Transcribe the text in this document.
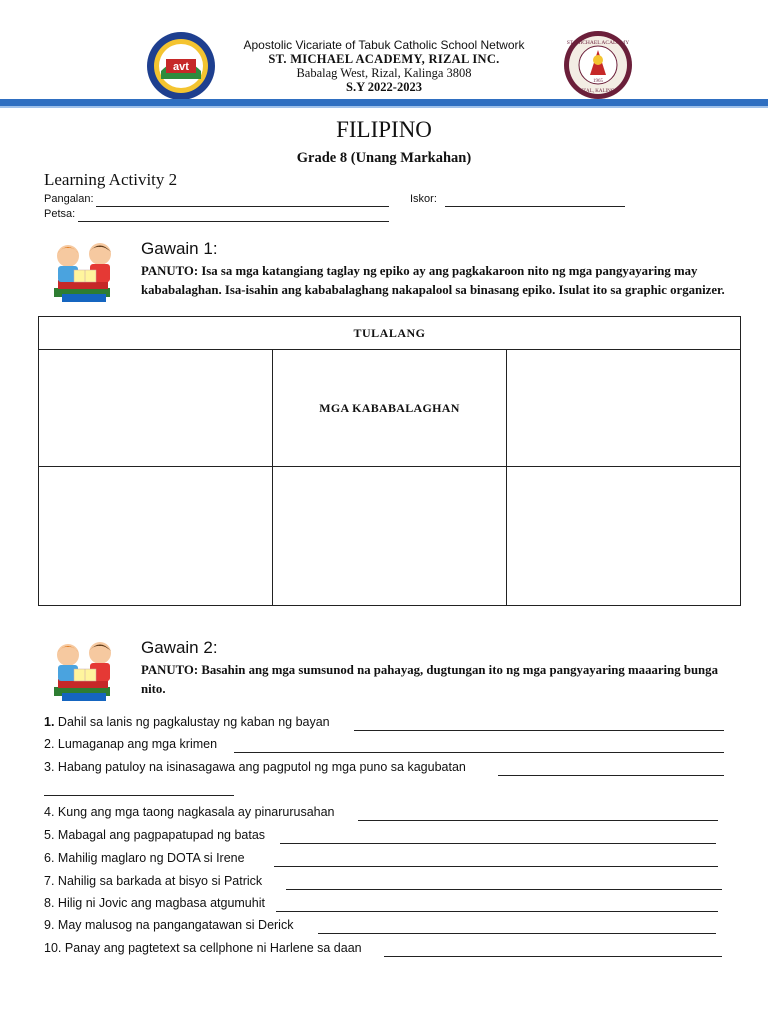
avt
ST. MICHAEL ACADEMY
1965
RIZAL, KALINGA
Apostolic Vicariate of Tabuk Catholic School Network
ST. MICHAEL ACADEMY, RIZAL INC.
Babalag West, Rizal, Kalinga 3808
S.Y 2022-2023
FILIPINO
Grade 8 (Unang Markahan)
Learning Activity 2
Pangalan:	Iskor:
Petsa:
Gawain 1:
PANUTO: Isa sa mga katangiang taglay ng epiko ay ang pagkakaroon nito ng mga pangyayaring may kababalaghan. Isa-isahin ang kababalaghang nakapalool sa binasang epiko. Isulat ito sa graphic organizer.
TULALANG		
	MGA KABABALAGHAN	

Gawain 2:
PANUTO: Basahin ang mga sumsunod na pahayag, dugtungan ito ng mga pangyayaring maaaring bunga nito.
1. Dahil sa lanis ng pagkalustay ng kaban ng bayan
2. Lumaganap ang mga krimen
3. Habang patuloy na isinasagawa ang pagputol ng mga puno sa kagubatan
4. Kung ang mga taong nagkasala ay pinarurusahan
5. Mabagal ang pagpapatupad ng batas
6. Mahilig maglaro ng DOTA si Irene
7. Nahilig sa barkada at bisyo si Patrick
8. Hilig ni Jovic ang magbasa atgumuhit
9. May malusog na pangangatawan si Derick
10. Panay ang pagtetext sa cellphone ni Harlene sa daan
